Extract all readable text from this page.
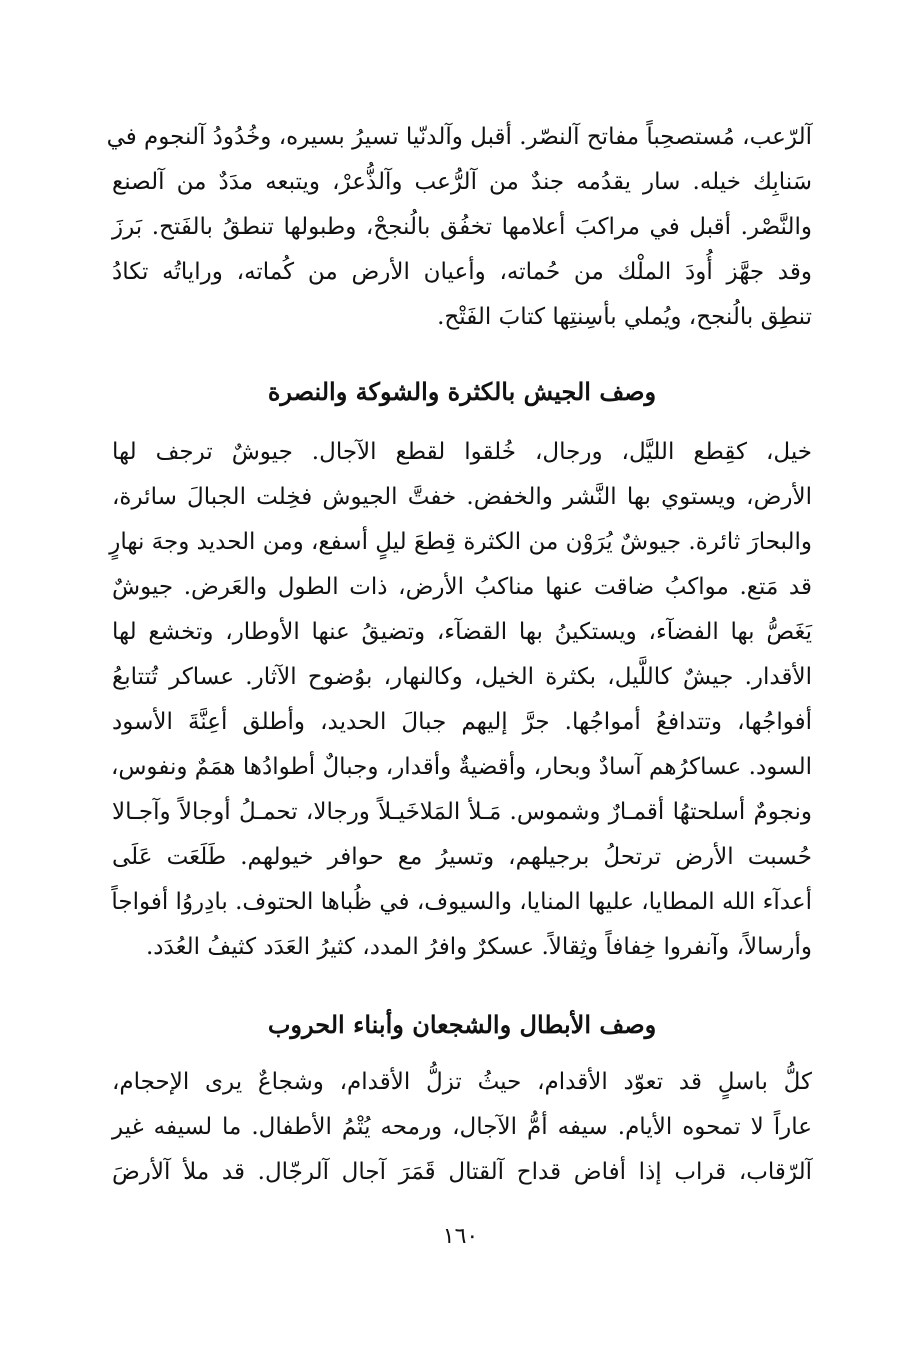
آلرّعب، مُستصحِباً مفاتح آلنصّر. أقبل وآلدنّيا تسيرُ بسيره، وخُدُودُ آلنجوم في
سَنابِك خيله. سار يقدُمه جندٌ من آلرُّعب وآلذُّعرْ، ويتبعه مدَدٌ من آلصنع
والنَّصْر. أقبل في مراكبَ أعلامها تخفُق بالُنجحْ، وطبولها تنطقُ بالفَتح. بَرزَ
وقد جهَّز أُودَ الملْك من حُماته، وأعيان الأرض من كُماته، وراياتُه تكادُ
تنطِق بالُنجح، ويُملي بأسِنتِها كتابَ الفَتْح.
وصف الجيش بالكثرة والشوكة والنصرة
خيل، كقِطع الليَّل، ورجال، خُلقوا لقطع الآجال. جيوشٌ ترجف لها
الأرض، ويستوي بها النَّشر والخفض. خفتَّ الجيوش فخِلت الجبالَ سائرة،
والبحارَ ثائرة. جيوشٌ يُرَوْن من الكثرة قِطعَ ليلٍ أسفع، ومن الحديد وجهَ نهارٍ
قد مَتع. مواكبُ ضاقت عنها مناكبُ الأرض، ذات الطول والعَرض. جيوشٌ
يَغَصُّ بها الفضآء، ويستكينُ بها القضآء، وتضيقُ عنها الأوطار، وتخشع لها
الأقدار. جيشٌ كاللَّيل، بكثرة الخيل، وكالنهار، بوُضوح الآثار. عساكر تُتتابعُ
أفواجُها، وتتدافعُ أمواجُها. جرَّ إليهم جبالَ الحديد، وأطلق أعِنَّةَ الأسود
السود. عساكرُهم آسادٌ وبحار، وأقضيةٌ وأقدار، وجبالٌ أطوادُها همَمٌ ونفوس،
ونجومٌ أسلحتهُا أقمـارٌ وشموس. مَـلأ المَلاخَيـلاً ورجالا، تحمـلُ أوجالاً وآجـالا
حُسبت الأرض ترتحلُ برجيلهم، وتسيرُ مع حوافر خيولهم. طَلَعَت عَلَى
أعدآء الله المطايا، عليها المنايا، والسيوف، في ظُباها الحتوف. بادِروُا أفواجاً
وأرسالاً، وآنفروا خِفافاً وثِقالاً. عسكرٌ وافرُ المدد، كثيرُ العَدَد كثيفُ العُدَد.
وصف الأبطال والشجعان وأبناء الحروب
كلُّ باسلٍ قد تعوّد الأقدام، حيثُ تزلُّ الأقدام، وشجاعٌ يرى الإحجام،
عاراً لا تمحوه الأيام. سيفه أمُّ الآجال، ورمحه يُتْمُ الأطفال. ما لسيفه غير
آلرّقاب، قراب إذا أفاض قداح آلقتال قَمَرَ آجال آلرجّال. قد ملأ آلأرضَ
١٦٠
